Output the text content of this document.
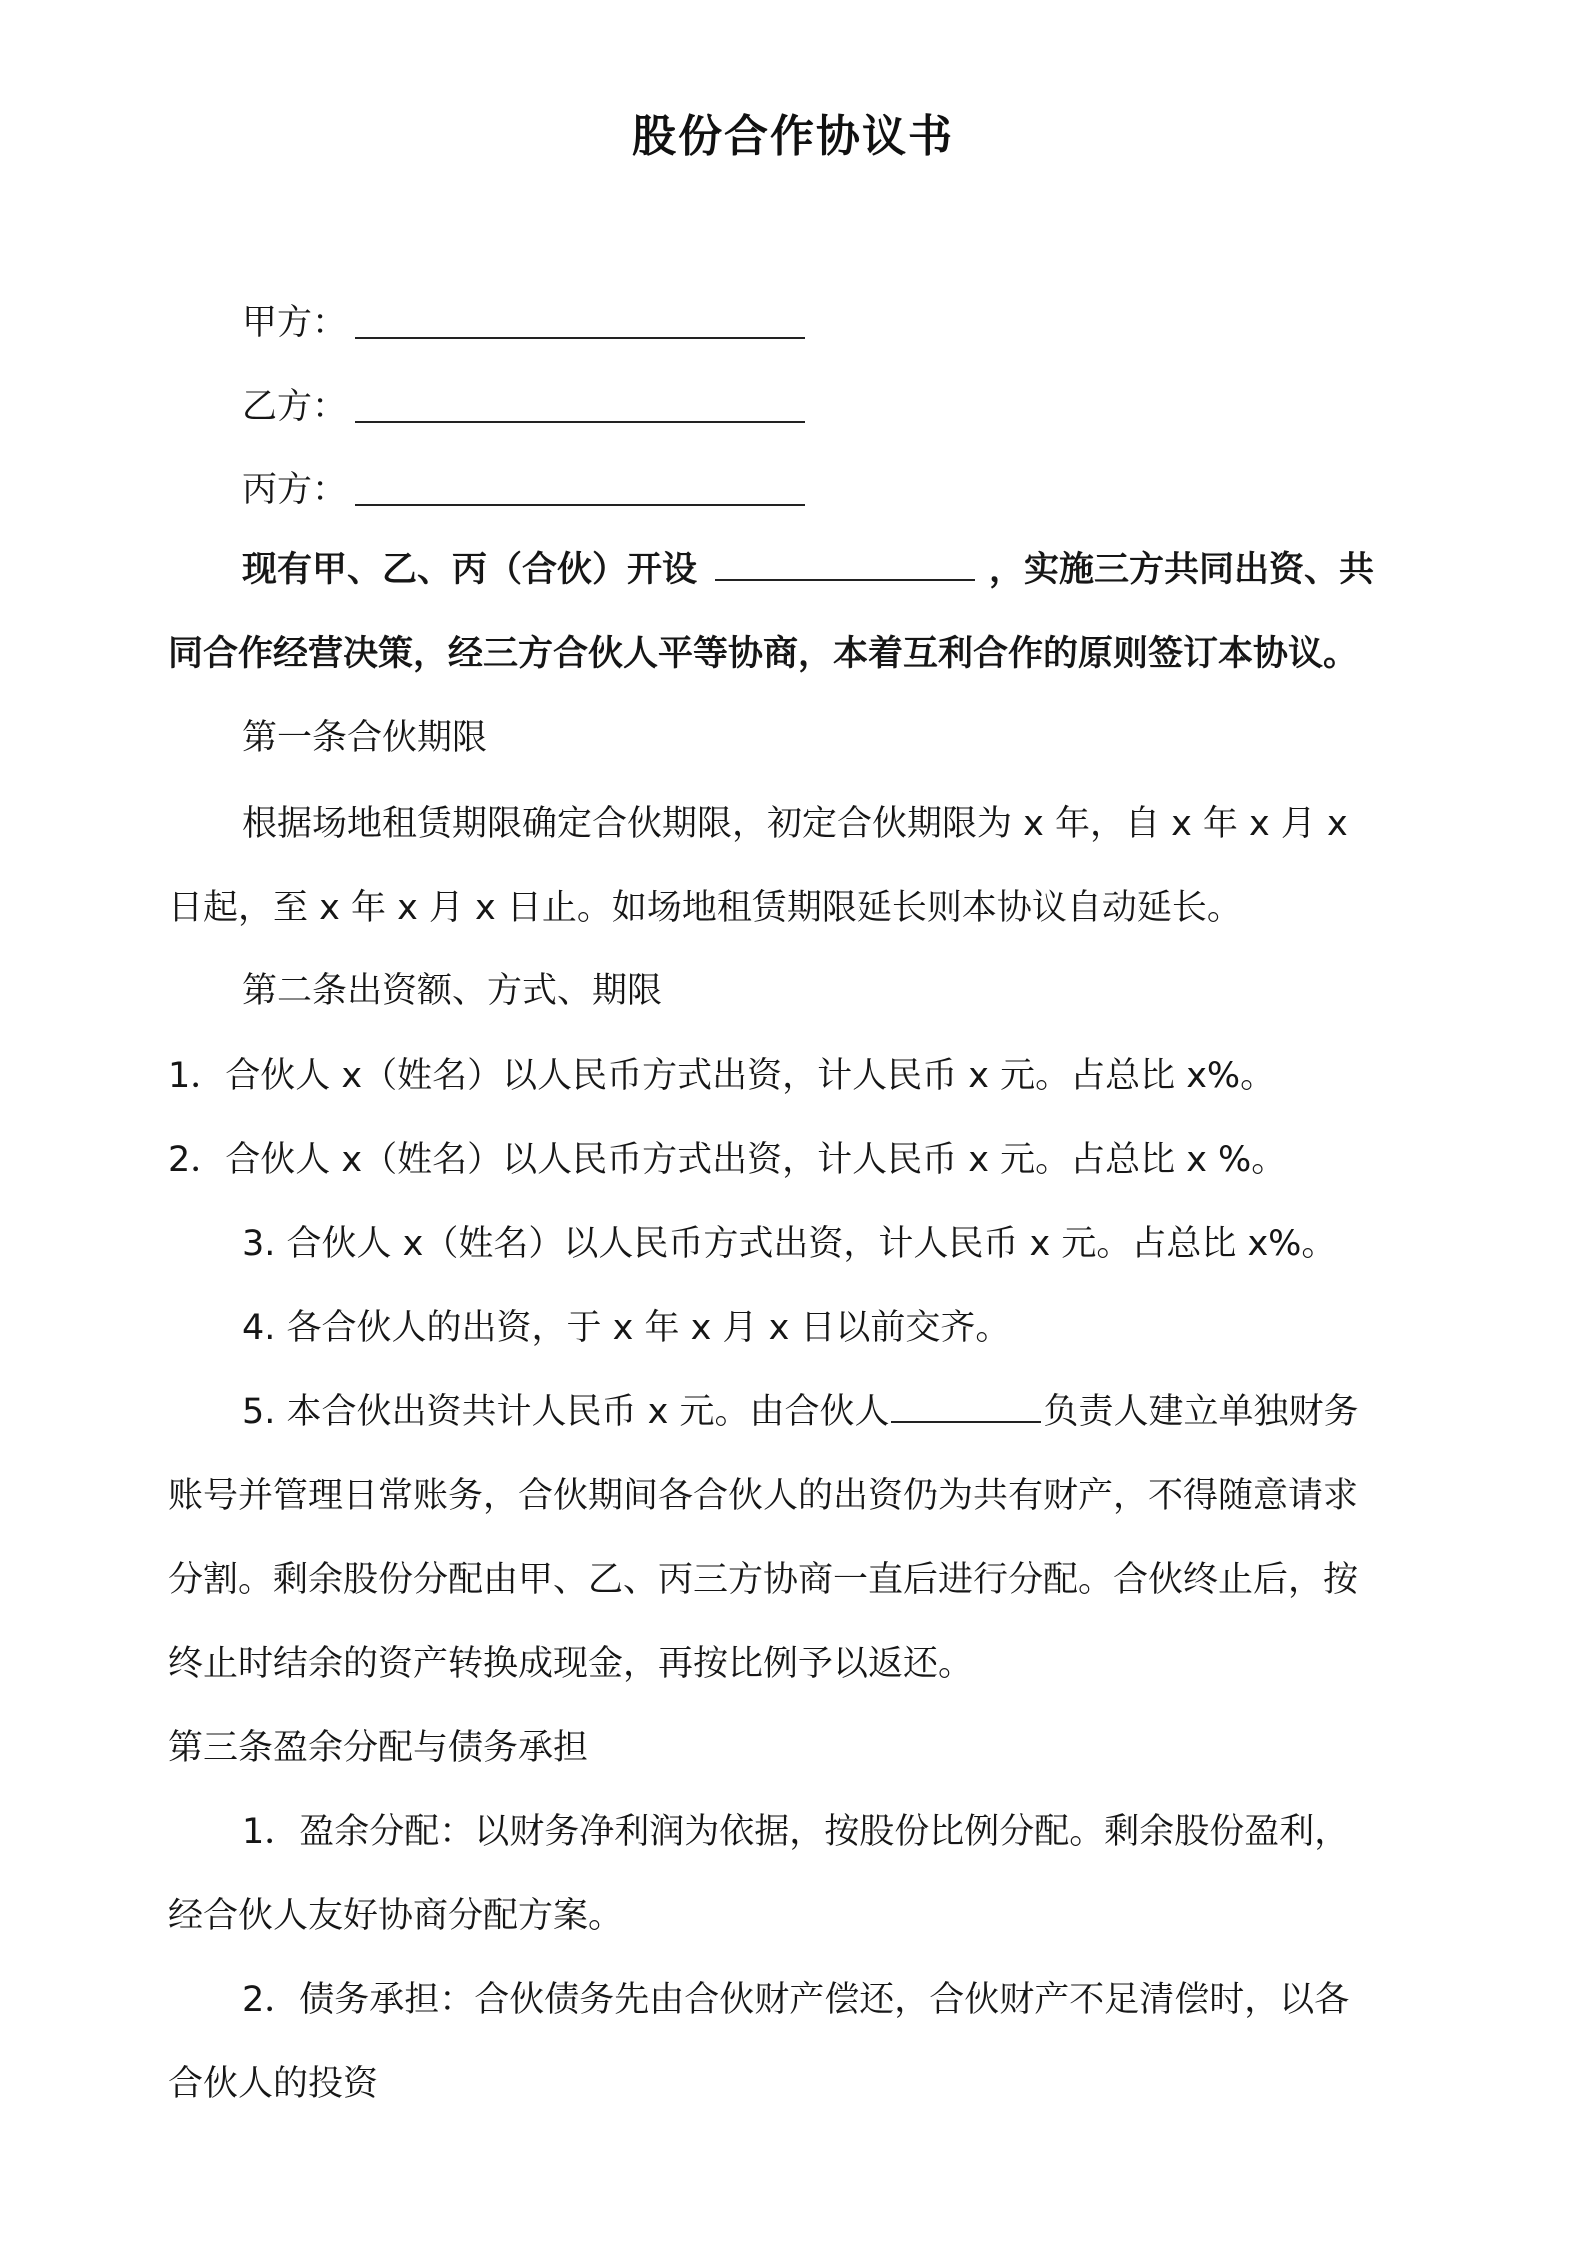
股份合作协议书
甲方：
乙方：
丙方：

现有甲、乙、丙（合伙）开设	，实施三方共同出资、共

同合作经营决策，经三方合伙人平等协商，本着互利合作的原则签订本协议。

第一条合伙期限

根据场地租赁期限确定合伙期限，初定合伙期限为 x 年，自 x 年 x 月 x

日起，至 x 年 x 月 x 日止。如场地租赁期限延长则本协议自动延长。

第二条出资额、方式、期限

1．合伙人 x（姓名）以人民币方式出资，计人民币 x 元。占总比 x%。

2．合伙人 x（姓名）以人民币方式出资，计人民币 x 元。占总比 x %。

3. 合伙人 x（姓名）以人民币方式出资，计人民币 x 元。占总比 x%。

4. 各合伙人的出资，于 x 年 x 月 x 日以前交齐。

5. 本合伙出资共计人民币 x 元。由合伙人	负责人建立单独财务

账号并管理日常账务，合伙期间各合伙人的出资仍为共有财产，不得随意请求

分割。剩余股份分配由甲、乙、丙三方协商一直后进行分配。合伙终止后，按

终止时结余的资产转换成现金，再按比例予以返还。

第三条盈余分配与债务承担

1．盈余分配：以财务净利润为依据，按股份比例分配。剩余股份盈利，

经合伙人友好协商分配方案。

2．债务承担：合伙债务先由合伙财产偿还，合伙财产不足清偿时，以各

合伙人的投资
